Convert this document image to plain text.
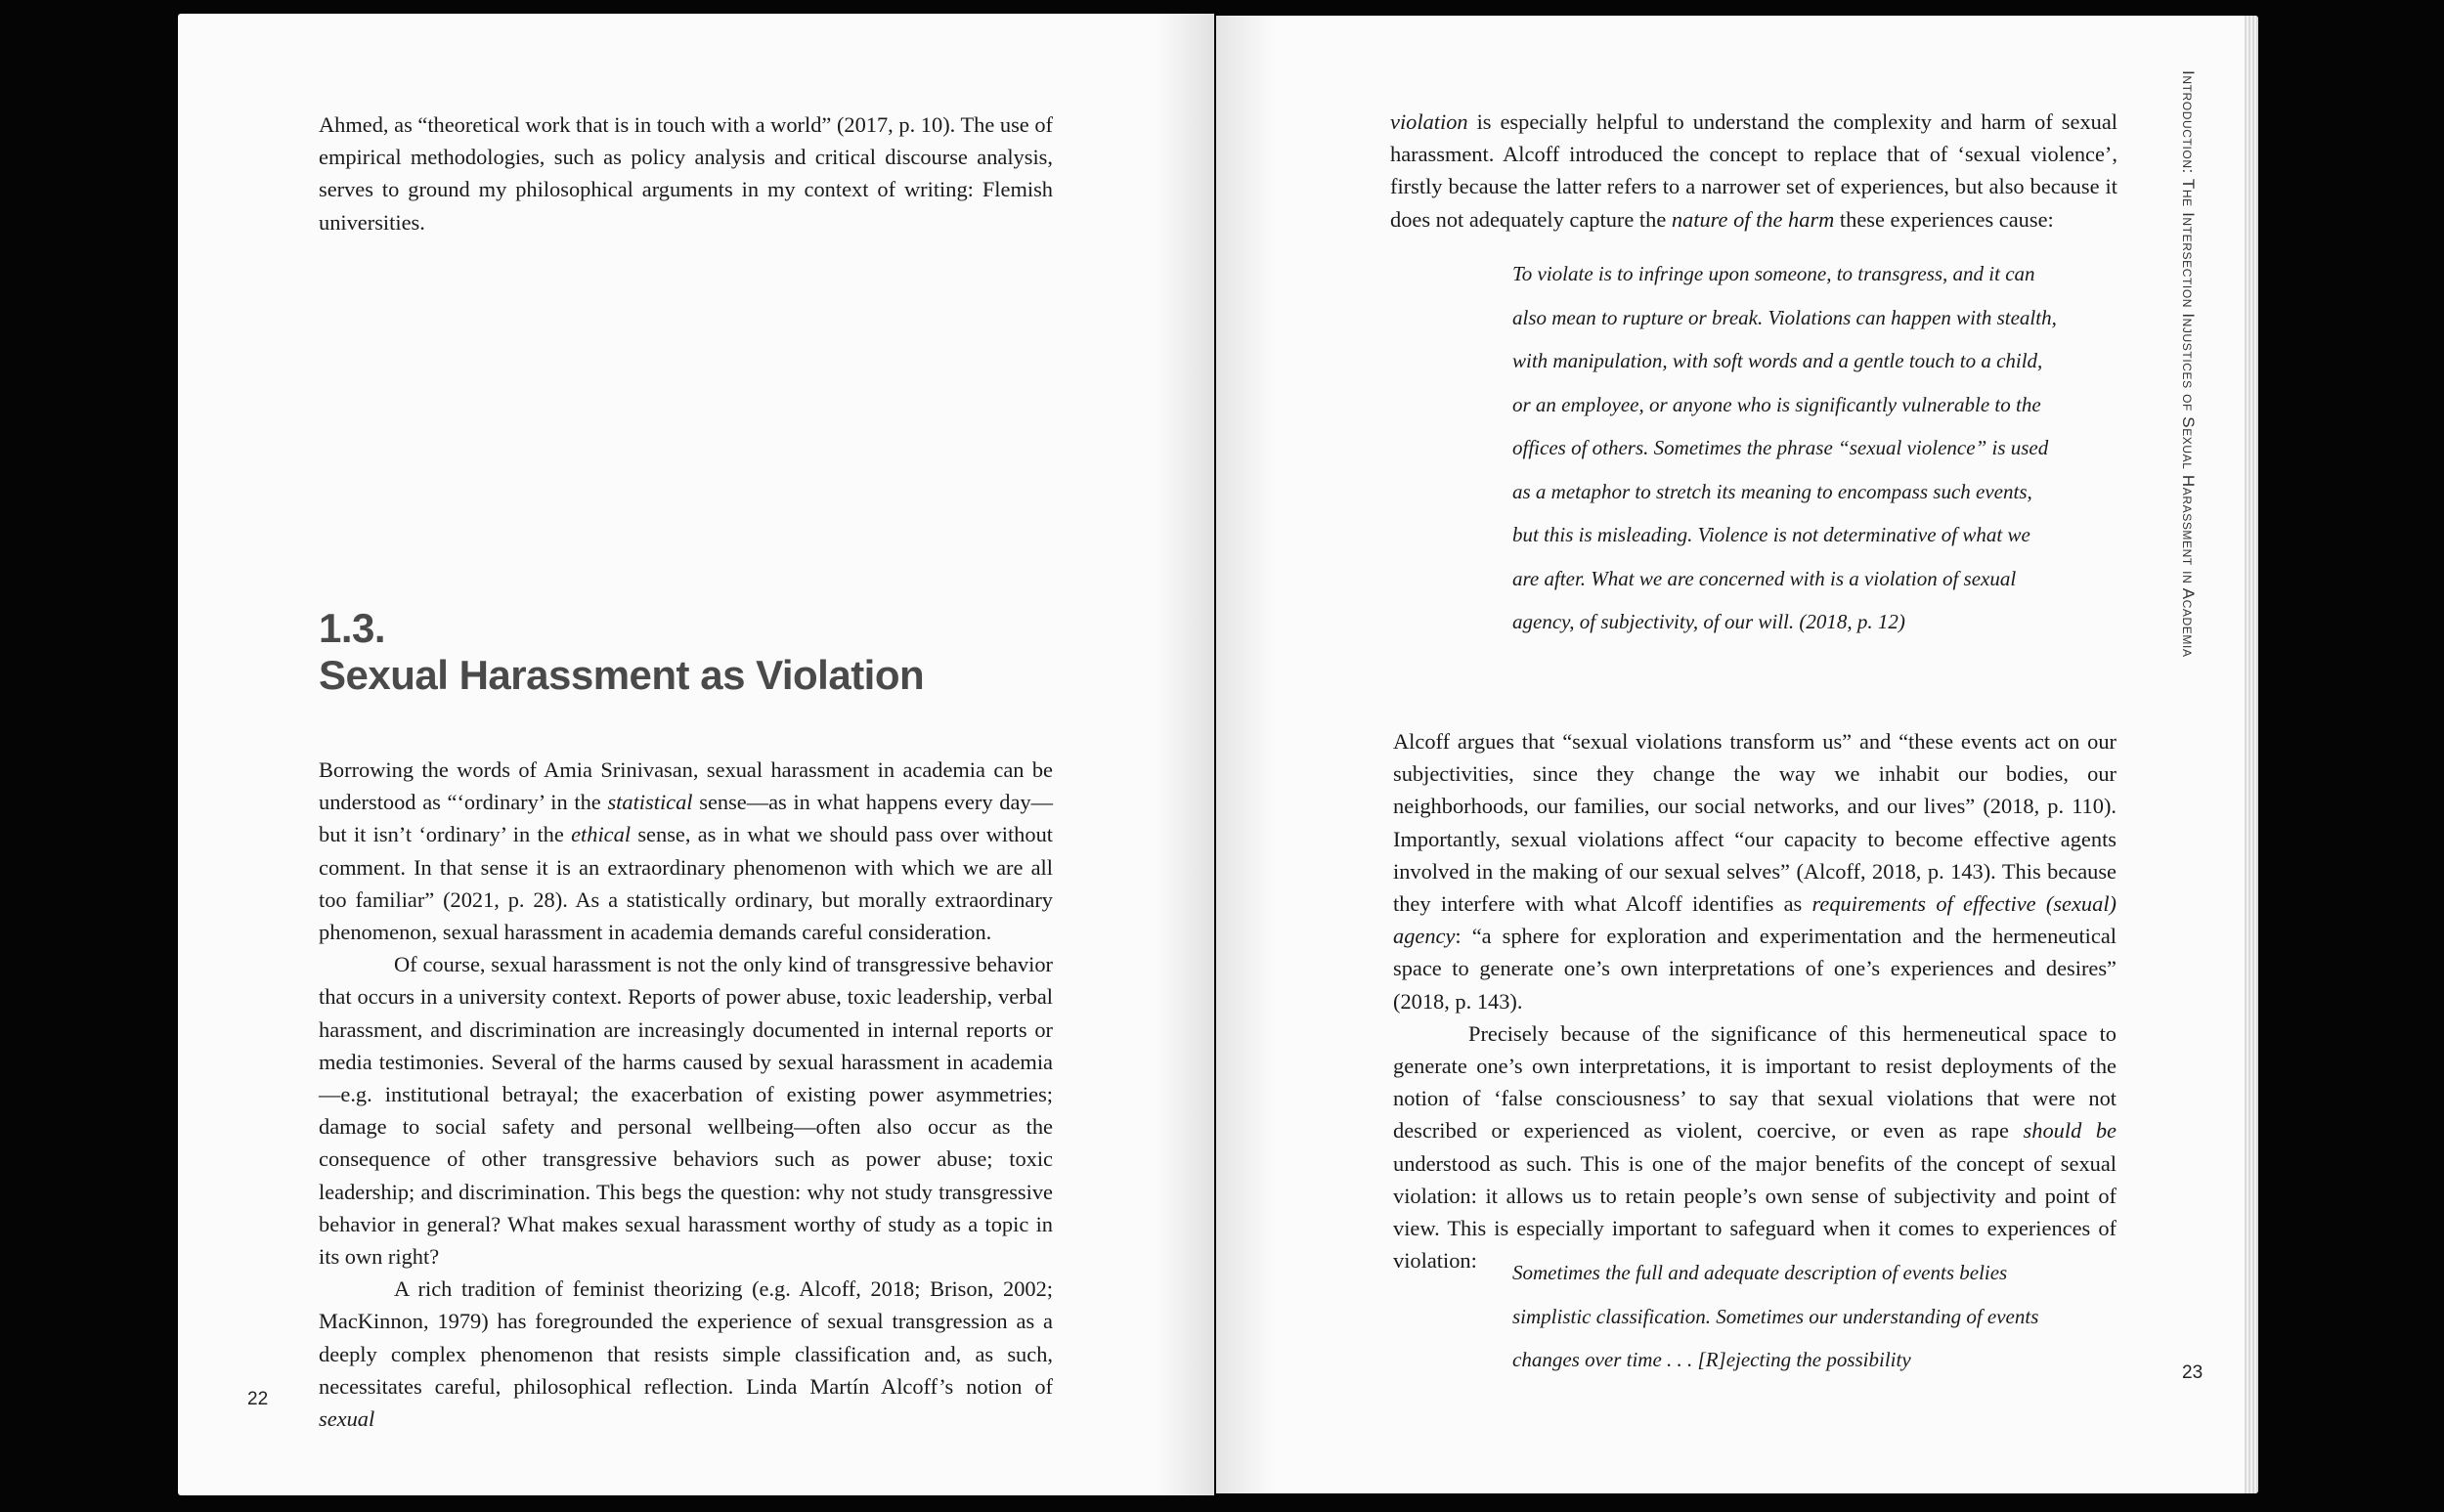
Ahmed, as “theoretical work that is in touch with a world” (2017, p. 10). The use of empirical methodologies, such as policy analysis and critical discourse analysis, serves to ground my philosophical arguments in my context of writing: Flemish universities.

1.3.
Sexual Harassment as Violation

Borrowing the words of Amia Srinivasan, sexual harassment in academia can be understood as “‘ordinary’ in the statistical sense—as in what happens every day—but it isn’t ‘ordinary’ in the ethical sense, as in what we should pass over without comment. In that sense it is an extraordinary phenomenon with which we are all too familiar” (2021, p. 28). As a statistically ordinary, but morally extraordinary phenomenon, sexual harassment in academia demands careful consideration.

Of course, sexual harassment is not the only kind of transgressive behavior that occurs in a university context. Reports of power abuse, toxic leadership, verbal harassment, and discrimination are increasingly documented in internal reports or media testimonies. Several of the harms caused by sexual harassment in academia—e.g. institutional betrayal; the exacerbation of existing power asymmetries; damage to social safety and personal wellbeing—often also occur as the consequence of other transgressive behaviors such as power abuse; toxic leadership; and discrimination. This begs the question: why not study transgressive behavior in general? What makes sexual harassment worthy of study as a topic in its own right?

A rich tradition of feminist theorizing (e.g. Alcoff, 2018; Brison, 2002; MacKinnon, 1979) has foregrounded the experience of sexual transgression as a deeply complex phenomenon that resists simple classification and, as such, necessitates careful, philosophical reflection. Linda Martín Alcoff’s notion of sexual

22

violation is especially helpful to understand the complexity and harm of sexual harassment. Alcoff introduced the concept to replace that of ‘sexual violence’, firstly because the latter refers to a narrower set of experiences, but also because it does not adequately capture the nature of the harm these experiences cause:

To violate is to infringe upon someone, to transgress, and it can also mean to rupture or break. Violations can happen with stealth, with manipulation, with soft words and a gentle touch to a child, or an employee, or anyone who is significantly vulnerable to the offices of others. Sometimes the phrase “sexual violence” is used as a metaphor to stretch its meaning to encompass such events, but this is misleading. Violence is not determinative of what we are after. What we are concerned with is a violation of sexual agency, of subjectivity, of our will. (2018, p. 12)

Alcoff argues that “sexual violations transform us” and “these events act on our subjectivities, since they change the way we inhabit our bodies, our neighborhoods, our families, our social networks, and our lives” (2018, p. 110). Importantly, sexual violations affect “our capacity to become effective agents involved in the making of our sexual selves” (Alcoff, 2018, p. 143). This because they interfere with what Alcoff identifies as requirements of effective (sexual) agency: “a sphere for exploration and experimentation and the hermeneutical space to generate one’s own interpretations of one’s experiences and desires” (2018, p. 143).

Precisely because of the significance of this hermeneutical space to generate one’s own interpretations, it is important to resist deployments of the notion of ‘false consciousness’ to say that sexual violations that were not described or experienced as violent, coercive, or even as rape should be understood as such. This is one of the major benefits of the concept of sexual violation: it allows us to retain people’s own sense of subjectivity and point of view. This is especially important to safeguard when it comes to experiences of violation:	Sometimes the full and adequate description of events belies simplistic classification. Sometimes our understanding of events changes over time . . . [R]ejecting the possibility

Introduction: The Intersection Injustices of Sexual Harassment in Academia
23
